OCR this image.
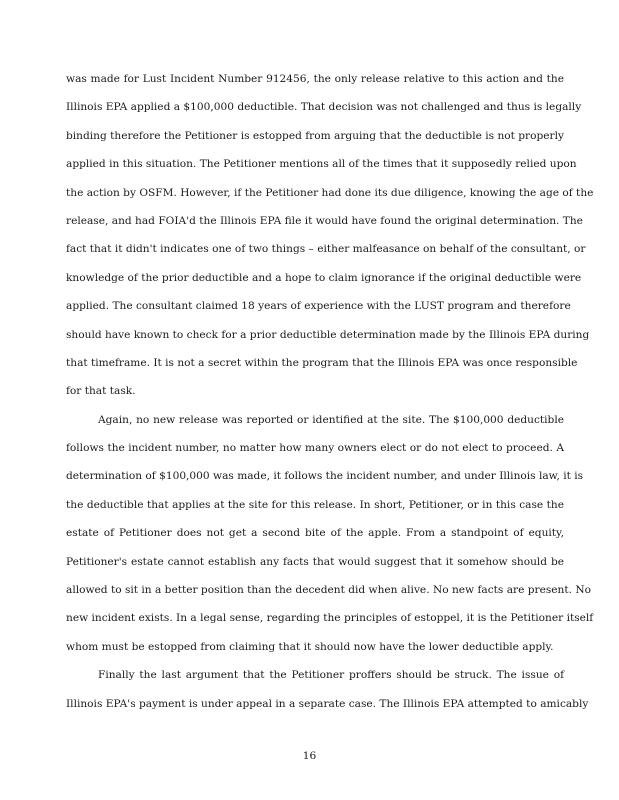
was made for Lust Incident Number 912456, the only release relative to this action and the
Illinois EPA applied a $100,000 deductible. That decision was not challenged and thus is legally
binding therefore the Petitioner is estopped from arguing that the deductible is not properly
applied in this situation. The Petitioner mentions all of the times that it supposedly relied upon
the action by OSFM. However, if the Petitioner had done its due diligence, knowing the age of the
release, and had FOIA'd the Illinois EPA file it would have found the original determination. The
fact that it didn't indicates one of two things – either malfeasance on behalf of the consultant, or
knowledge of the prior deductible and a hope to claim ignorance if the original deductible were
applied. The consultant claimed 18 years of experience with the LUST program and therefore
should have known to check for a prior deductible determination made by the Illinois EPA during
that timeframe. It is not a secret within the program that the Illinois EPA was once responsible
for that task.
Again, no new release was reported or identified at the site. The $100,000 deductible
follows the incident number, no matter how many owners elect or do not elect to proceed. A
determination of $100,000 was made, it follows the incident number, and under Illinois law, it is
the deductible that applies at the site for this release. In short, Petitioner, or in this case the
estate of Petitioner does not get a second bite of the apple. From a standpoint of equity,
Petitioner's estate cannot establish any facts that would suggest that it somehow should be
allowed to sit in a better position than the decedent did when alive. No new facts are present. No
new incident exists. In a legal sense, regarding the principles of estoppel, it is the Petitioner itself
whom must be estopped from claiming that it should now have the lower deductible apply.
Finally the last argument that the Petitioner proffers should be struck. The issue of
Illinois EPA's payment is under appeal in a separate case. The Illinois EPA attempted to amicably
16
